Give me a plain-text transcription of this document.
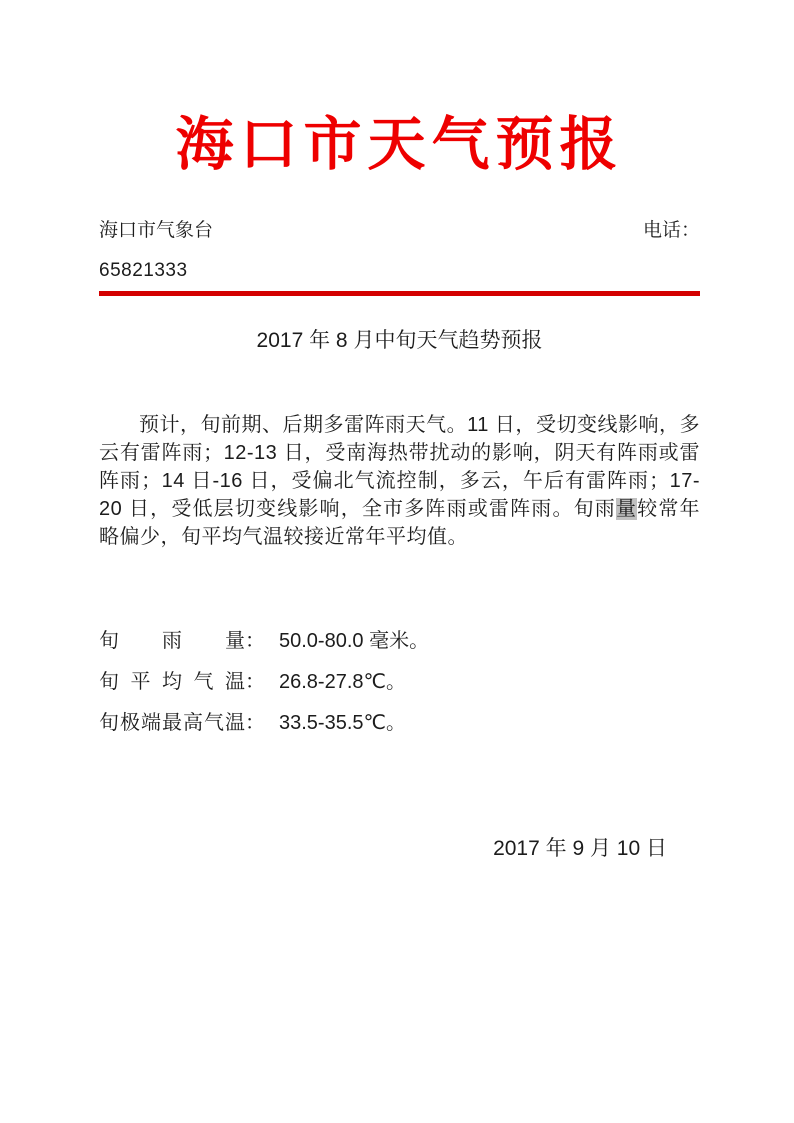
海口市天气预报
海口市气象台	电话：
65821333
2017 年 8 月中旬天气趋势预报

预计，旬前期、后期多雷阵雨天气。11 日，受切变线影响，多云有雷阵雨；12-13 日，受南海热带扰动的影响，阴天有阵雨或雷阵雨；14 日-16 日，受偏北气流控制，多云，午后有雷阵雨；17-20 日，受低层切变线影响，全市多阵雨或雷阵雨。旬雨量较常年略偏少，旬平均气温较接近常年平均值。

旬雨量： 50.0-80.0 毫米。
旬平均气温： 26.8-27.8℃。
旬极端最高气温： 33.5-35.5℃。
2017 年 9 月 10 日
